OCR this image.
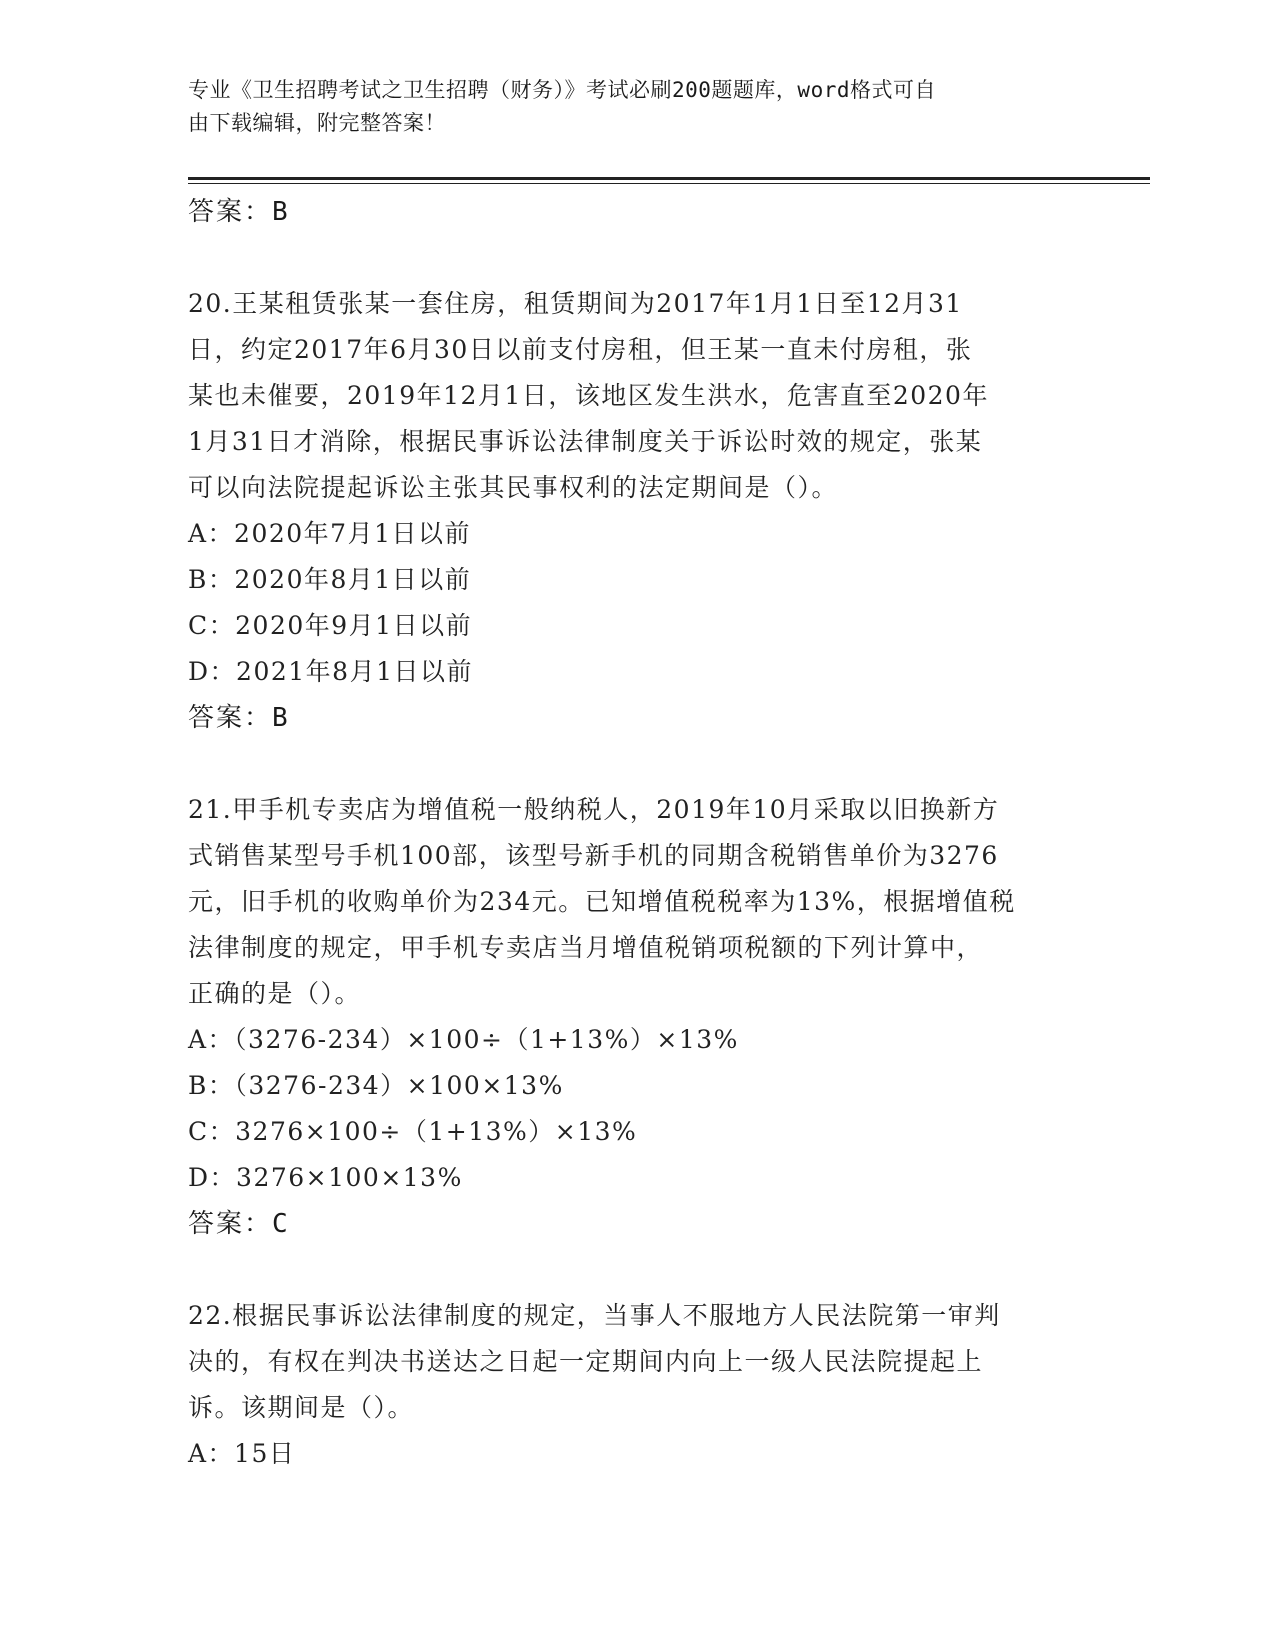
专业《卫生招聘考试之卫生招聘（财务）》考试必刷200题题库，word格式可自
由下载编辑，附完整答案！
答案：B
20.王某租赁张某一套住房，租赁期间为2017年1月1日至12月31
日，约定2017年6月30日以前支付房租，但王某一直未付房租，张
某也未催要，2019年12月1日，该地区发生洪水，危害直至2020年
1月31日才消除，根据民事诉讼法律制度关于诉讼时效的规定，张某
可以向法院提起诉讼主张其民事权利的法定期间是（）。
A：2020年7月1日以前
B：2020年8月1日以前
C：2020年9月1日以前
D：2021年8月1日以前
答案：B
21.甲手机专卖店为增值税一般纳税人，2019年10月采取以旧换新方
式销售某型号手机100部，该型号新手机的同期含税销售单价为3276
元，旧手机的收购单价为234元。已知增值税税率为13%，根据增值税
法律制度的规定，甲手机专卖店当月增值税销项税额的下列计算中，
正确的是（）。
A：（3276-234）×100÷（1+13%）×13%
B：（3276-234）×100×13%
C：3276×100÷（1+13%）×13%
D：3276×100×13%
答案：C
22.根据民事诉讼法律制度的规定，当事人不服地方人民法院第一审判
决的，有权在判决书送达之日起一定期间内向上一级人民法院提起上
诉。该期间是（）。
A：15日
